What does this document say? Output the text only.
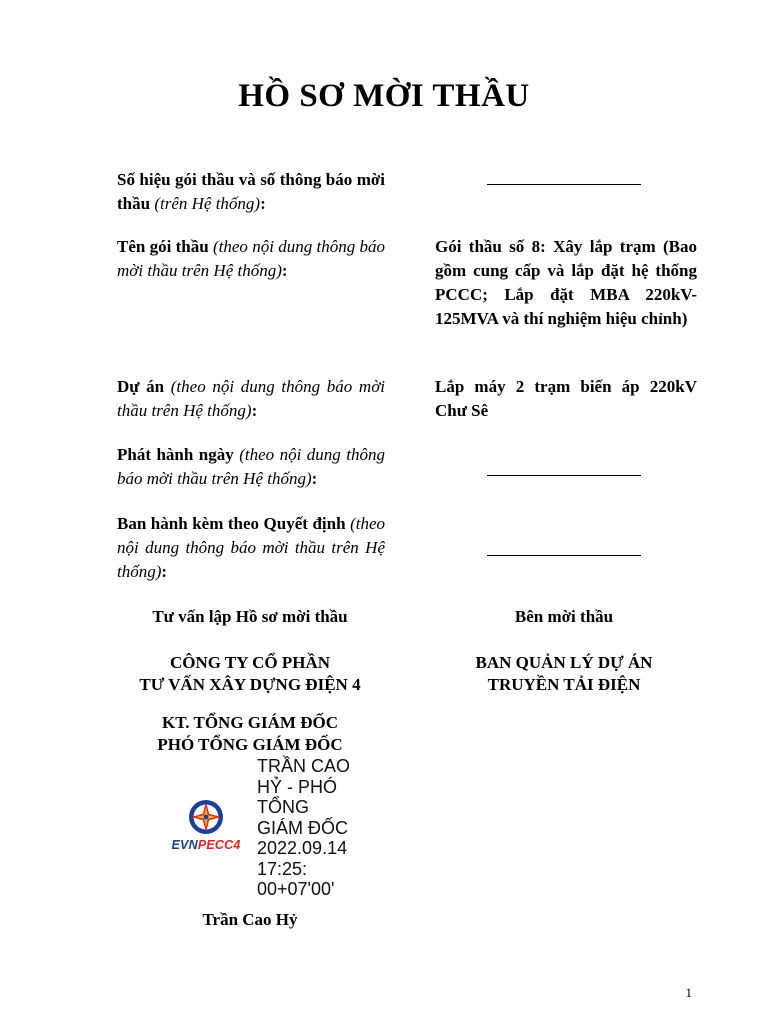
HỒ SƠ MỜI THẦU
Số hiệu gói thầu và số thông báo mời thầu (trên Hệ thống):
Tên gói thầu (theo nội dung thông báo mời thầu trên Hệ thống):
Gói thầu số 8: Xây lắp trạm (Bao gồm cung cấp và lắp đặt hệ thống PCCC; Lắp đặt MBA 220kV-125MVA và thí nghiệm hiệu chỉnh)
Dự án (theo nội dung thông báo mời thầu trên Hệ thống):
Lắp máy 2 trạm biến áp 220kV Chư Sê
Phát hành ngày (theo nội dung thông báo mời thầu trên Hệ thống):
Ban hành kèm theo Quyết định (theo nội dung thông báo mời thầu trên Hệ thống):
Tư vấn lập Hồ sơ mời thầu
CÔNG TY CỔ PHẦN
TƯ VẤN XÂY DỰNG ĐIỆN 4
KT. TỔNG GIÁM ĐỐC
PHÓ TỔNG GIÁM ĐỐC
Bên mời thầu
BAN QUẢN LÝ DỰ ÁN
TRUYỀN TẢI ĐIỆN
EVNPECC4
TRẦN CAO
HỶ - PHÓ
TỔNG
GIÁM ĐỐC
2022.09.14
17:25:
00+07'00'
Trần Cao Hỷ
1
